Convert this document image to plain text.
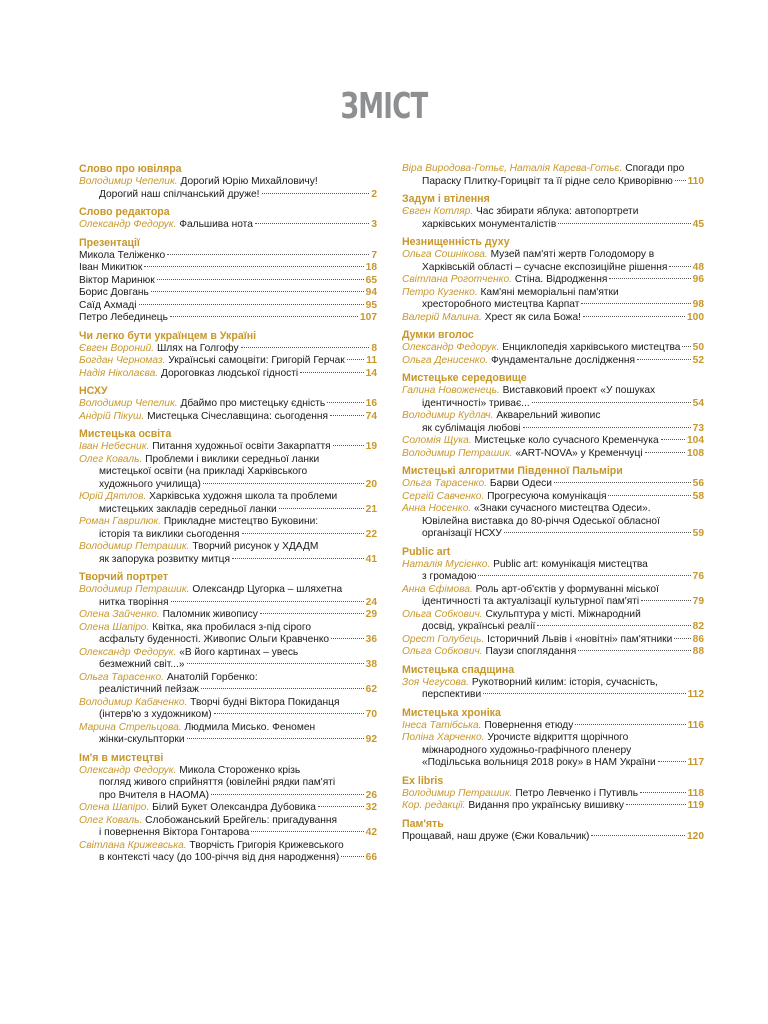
ЗМІСТ
Слово про ювіляра
Володимир Чепелик. Дорогий Юрію Михайловичу!
Дорогий наш спілчанський друже!	2
Слово редактора
Олександр Федорук. Фальшива нота	3
Презентації
Микола Теліженко	7
Іван Микитюк	18
Віктор Маринюк	65
Борис Довгань	94
Саїд Ахмаді	95
Петро Лебединець	107
Чи легко бути українцем в Україні
Євген Вороний. Шлях на Голгофу	8
Богдан Черномаз. Українські самоцвіти: Григорій Герчак 11
Надія Ніколаєва. Дороговказ людської гідності	14
НСХУ
Володимир Чепелик. Дбаймо про мистецьку єдність	16
Андрій Пікуш. Мистецька Січеславщина: сьогодення	74
Мистецька освіта
Іван Небесник. Питання художньої освіти Закарпаття	19
Олег Коваль. Проблеми і виклики середньої ланки
мистецької освіти (на прикладі Харківського
художнього училища)	20
Юрій Дятлов. Харківська художня школа та проблеми
мистецьких закладів середньої ланки	21
Роман Гаврилюк. Прикладне мистецтво Буковини:
історія та виклики сьогодення	22
Володимир Петрашик. Творчий рисунок у ХДАДМ
як запорука розвитку митця	41
Творчий портрет
Володимир Петрашик. Олександр Цугорка – шляхетна
нитка творіння	24
Олена Зайченко. Паломник живопису	29
Олена Шапіро. Квітка, яка пробилася з-під сірого
асфальту буденності. Живопис Ольги Кравченко	36
Олександр Федорук. «В його картинах – увесь
безмежний світ...»	38
Ольга Тарасенко. Анатолій Горбенко:
реалістичний пейзаж	62
Володимир Кабаченко. Творчі будні Віктора Покиданця
(інтерв'ю з художником)	70
Марина Стрельцова. Людмила Мисько. Феномен
жінки-скульпторки	92
Ім'я в мистецтві
Олександр Федорук. Микола Стороженко крізь
погляд живого сприйняття (ювілейні рядки пам'яті
про Вчителя в НАОМА)	26
Олена Шапіро. Білий Букет Олександра Дубовика	32
Олег Коваль. Слобожанський Брейгель: пригадування
і повернення Віктора Гонтарова	42
Світлана Крижевська. Творчість Григорія Крижевського
в контексті часу (до 100-річчя від дня народження)	66
Віра Виродова-Готьє, Наталія Карева-Готьє. Спогади про
Параску Плитку-Горицвіт та її рідне село Криворівню 110
Задум і втілення
Євген Котляр. Час збирати яблука: автопортрети
харківських монументалістів	45
Незнищенність духу
Ольга Сошнікова. Музей пам'яті жертв Голодомору в
Харківській області – сучасне експозиційне рішення 48
Світлана Роготченко. Стіна. Відродження	96
Петро Кузенко. Кам'яні меморіальні пам'ятки
хресторобного мистецтва Карпат	98
Валерій Малина. Хрест як сила Божа!	100
Думки вголос
Олександр Федорук. Енциклопедія харківського мистецтва 50
Ольга Денисенко. Фундаментальне дослідження	52
Мистецьке середовище
Галина Новоженець. Виставковий проект «У пошуках
ідентичності» триває...	54
Володимир Кудлач. Акварельний живопис
як сублімація любові	73
Соломія Щука. Мистецьке коло сучасного Кременчука	104
Володимир Петрашик. «ART-NOVA» у Кременчуці	108
Мистецькі алгоритми Південної Пальміри
Ольга Тарасенко. Барви Одеси	56
Сергій Савченко. Прогресуюча комунікація	58
Анна Носенко. «Знаки сучасного мистецтва Одеси».
Ювілейна виставка до 80-річчя Одеської обласної
організації НСХУ	59
Public art
Наталія Мусієнко. Public art: комунікація мистецтва
з громадою	76
Анна Єфімова. Роль арт-об'єктів у формуванні міської
ідентичності та актуалізації культурної пам'яті	79
Ольга Собкович. Скульптура у місті. Міжнародний
досвід, українські реалії	82
Орест Голубець. Історичний Львів і «новітні» пам'ятники 86
Ольга Собкович. Паузи споглядання	88
Мистецька спадщина
Зоя Чегусова. Рукотворний килим: історія, сучасність,
перспективи	112
Мистецька хроніка
Інеса Татібська. Повернення етюду	116
Поліна Харченко. Урочисте відкриття щорічного
міжнародного художньо-графічного пленеру
«Подільська вольниця 2018 року» в НАМ України	117
Ex libris
Володимир Петрашик. Петро Левченко і Путивль	118
Кор. редакції. Видання про українську вишивку	119
Пам'ять
Прощавай, наш друже (Єжи Ковальчик)	120
